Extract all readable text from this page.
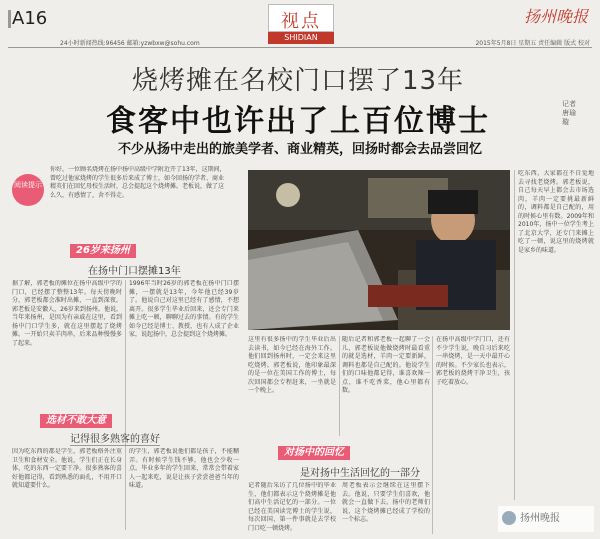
A16
24小时新闻热线:96456 邮箱:yzwbxw@sohu.com
视点
SHIDIAN
扬州晚报
2015年5月8日 星期五 责任编辑 版式 校对
烧烤摊在名校门口摆了13年
食客中也许出了上百位博士
不少从扬中走出的旅美学者、商业精英，回扬时都会去品尝回忆
记者 唐瑜璇
阅读提示
你好，一位顾名烧烤在扬中扬中高级中学附近开了13年，这期间，曾吃过他家烧烤的学生很多后来成了博士，如今回扬的学者、商业精英们在回忆母校生活时，总会提起这个烧烤摊。老板说，做了这么久，有感情了，舍不得走。
26岁来扬州
在扬中门口摆摊13年
据了解，郭老板的摊位在扬中高级中学的门口，已经摆了整整13年。每天傍晚时分，郭老板都会准时出摊，一直到深夜。郭老板是安徽人，26岁来到扬州。他说，当年来扬州，是因为有亲戚在这里，看到扬中门口学生多，就在这里摆起了烧烤摊。一开始只卖羊肉串，后来品种慢慢多了起来。
1996年当时26岁的郭老板在扬中门口摆摊，一摆就是13年，今年他已经39岁了。他说自己对这里已经有了感情，不想离开。很多学生毕业后回来，还会专门来摊上吃一顿，聊聊过去的事情。有的学生如今已经是博士、教授，也有人成了企业家，说起扬中，总会提到这个烧烤摊。
这里有很多扬中的学生毕业后出去读书，如今已经在海外工作。他们回到扬州时，一定会来这里吃烧烤。郭老板说，他印象最深的是一位在美国工作的博士，每次回国都会专程赶来，一坐就是一个晚上。
随后记者和郭老板一起聊了一会儿，郭老板说他做烧烤时最看重的就是选材，羊肉一定要新鲜，调料也都是自己配的。他说学生们的口味他都记得，谁喜欢辣一点，谁不吃香菜，他心里都有数。
吃东西，大家都在不自觉地去寻找老烧烤。郭老板说，自己每天早上都会去市场选肉，羊肉一定要挑最新鲜的，调料都是自己配的，用的时候心里有数。2009年和2010年，扬中一位学生考上了北京大学，还专门来摊上吃了一顿，说这里的烧烤就是家乡的味道。
选材不敢大意
记得很多熟客的喜好
因为吃东西的都是学生，郭老板格外注重卫生和食材安全。他说，学生们正在长身体，吃的东西一定要干净。很多熟客的喜好他都记得，看到熟悉的面孔，不用开口就知道要什么。
的学生，郭老板说他们都是孩子，不能糊弄。有时候学生钱不够，他也会少收一点。毕业多年的学生回来，常常会带着家人一起来吃，说是让孩子尝尝爸爸当年的味道。
对扬中的回忆
是对扬中生活回忆的一部分
记者随后采访了几位扬中的毕业生，他们都表示这个烧烤摊是他们高中生活记忆的一部分。一位已经在美国读完博士的学生说，每次回国，第一件事就是去学校门口吃一顿烧烤。
周老板表示会继续在这里摆下去。他说，只要学生们喜欢，他就会一直做下去。扬中的老师们说，这个烧烤摊已经成了学校的一个标志。
在扬中高级中学门口，还有不少学生说，晚自习后来吃一串烧烤，是一天中最开心的时候。不少家长也表示，郭老板的烧烤干净卫生，孩子吃着放心。
扬州晚报
